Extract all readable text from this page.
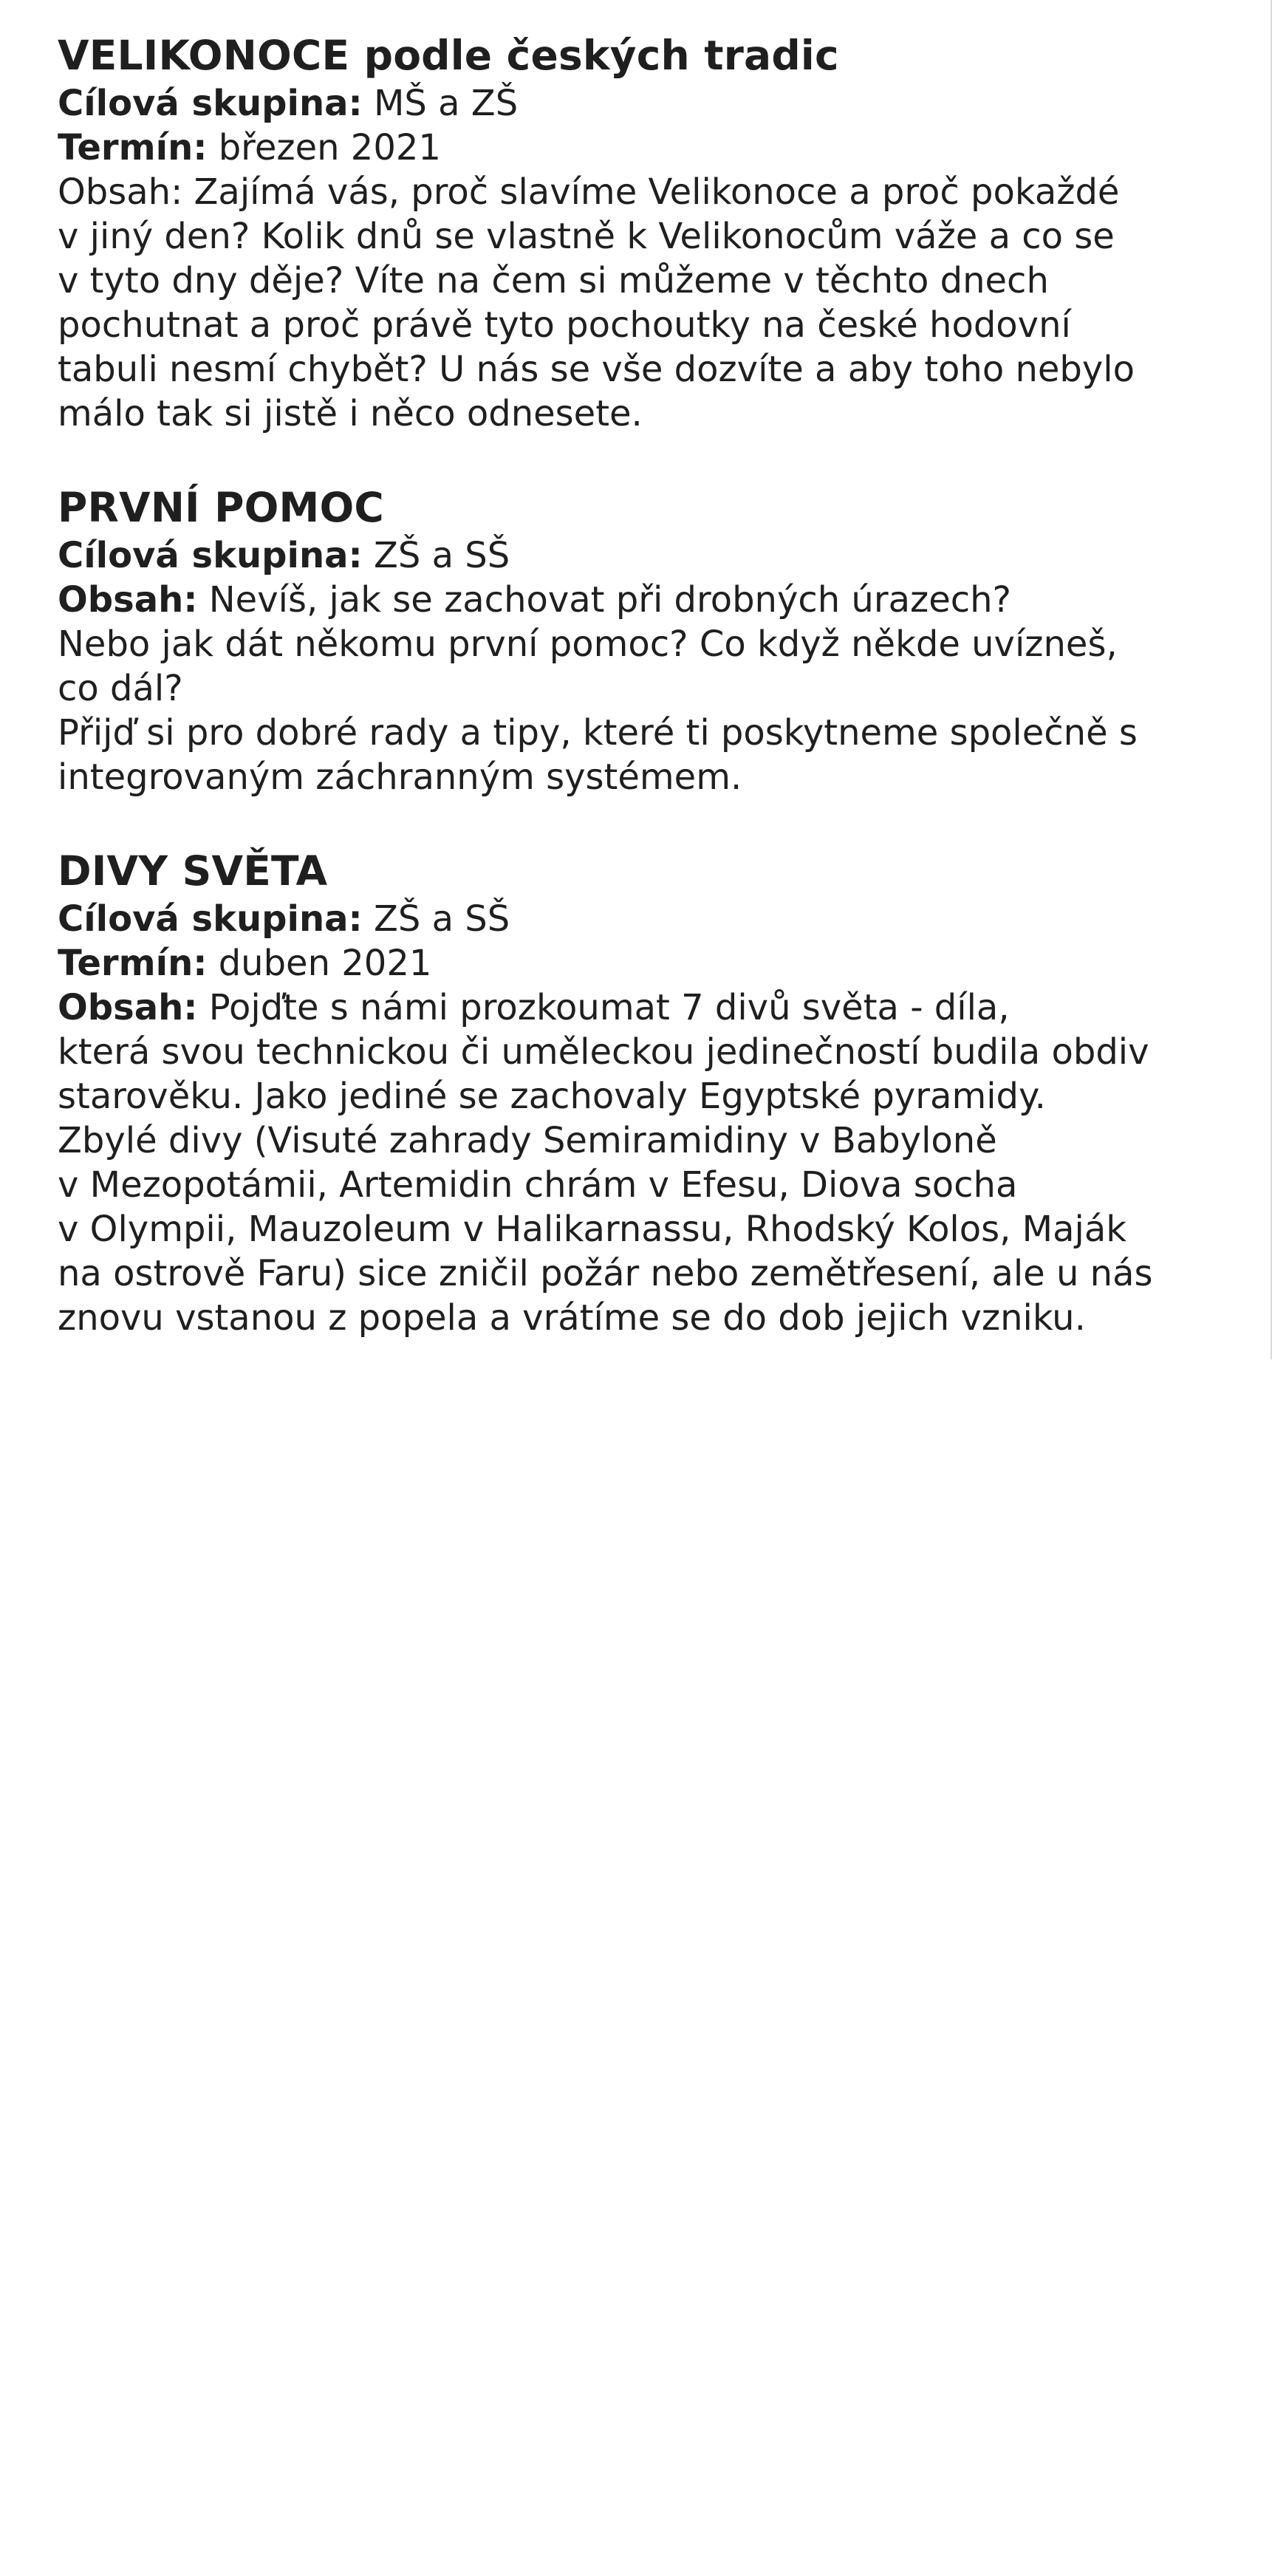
VELIKONOCE podle českých tradic

Cílová skupina: MŠ a ZŠ

Termín: březen 2021

Obsah: Zajímá vás, proč slavíme Velikonoce a proč pokaždé
v jiný den? Kolik dnů se vlastně k Velikonocům váže a co se
v tyto dny děje? Víte na čem si můžeme v těchto dnech
pochutnat a proč právě tyto pochoutky na české hodovní
tabuli nesmí chybět? U nás se vše dozvíte a aby toho nebylo
málo tak si jistě i něco odnesete.

PRVNÍ POMOC

Cílová skupina: ZŠ a SŠ

Obsah: Nevíš, jak se zachovat při drobných úrazech?
Nebo jak dát někomu první pomoc? Co když někde uvízneš,
co dál?
Přijď si pro dobré rady a tipy, které ti poskytneme společně s
integrovaným záchranným systémem.

DIVY SVĚTA

Cílová skupina: ZŠ a SŠ

Termín: duben 2021

Obsah: Pojďte s námi prozkoumat 7 divů světa - díla,
která svou technickou či uměleckou jedinečností budila obdiv
starověku. Jako jediné se zachovaly Egyptské pyramidy.
Zbylé divy (Visuté zahrady Semiramidiny v Babyloně
v Mezopotámii, Artemidin chrám v Efesu, Diova socha
v Olympii, Mauzoleum v Halikarnassu, Rhodský Kolos, Maják
na ostrově Faru) sice zničil požár nebo zemětřesení, ale u nás
znovu vstanou z popela a vrátíme se do dob jejich vzniku.
